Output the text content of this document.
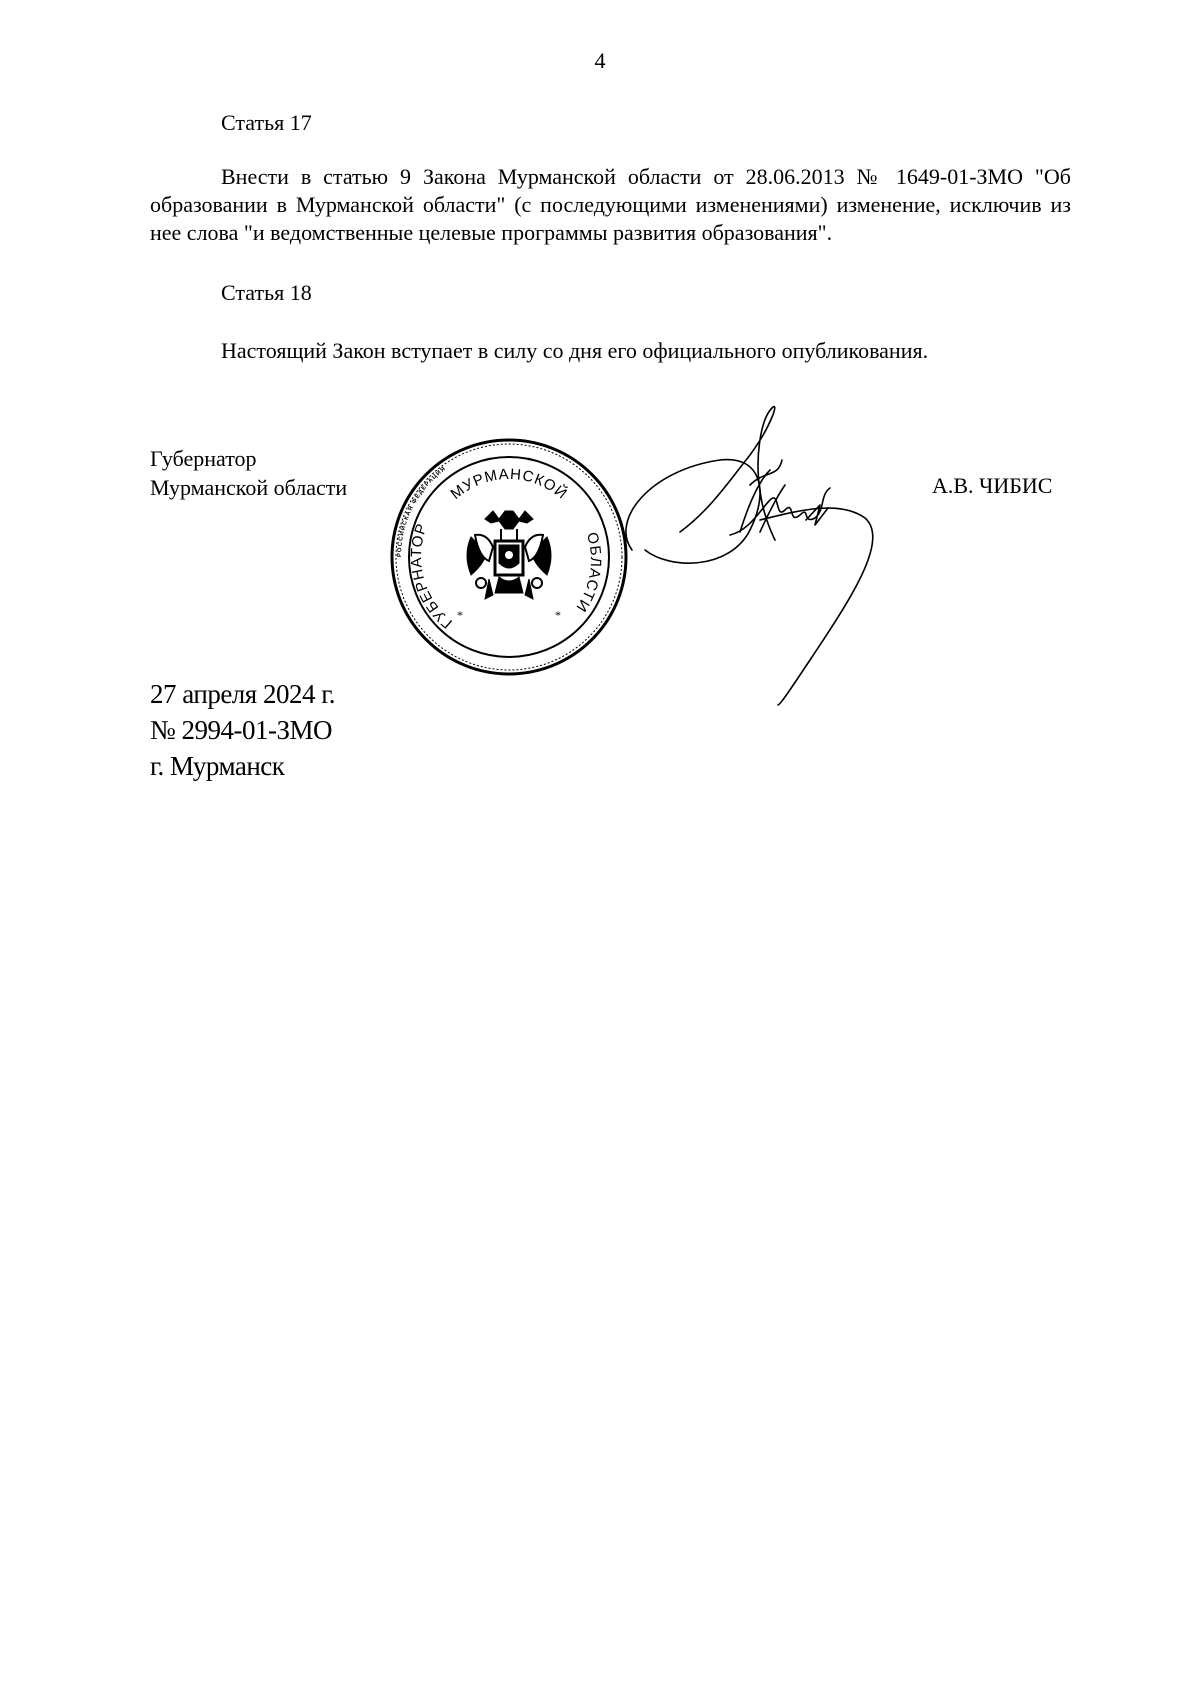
4
Статья 17
Внести в статью 9 Закона Мурманской области от 28.06.2013 № 1649-01-ЗМО "Об образовании в Мурманской области" (с последующими изменениями) изменение, исключив из нее слова "и ведомственные целевые программы развития образования".
Статья 18
Настоящий Закон вступает в силу со дня его официального опубликования.
Губернатор
Мурманской области	А.В. ЧИБИС
РОССИЙСКАЯ ФЕДЕРАЦИЯ
МУРМАНСКОЙ
ГУБЕРНАТОР
ОБЛАСТИ
*	*
27 апреля 2024 г.
№ 2994-01-ЗМО
г. Мурманск
